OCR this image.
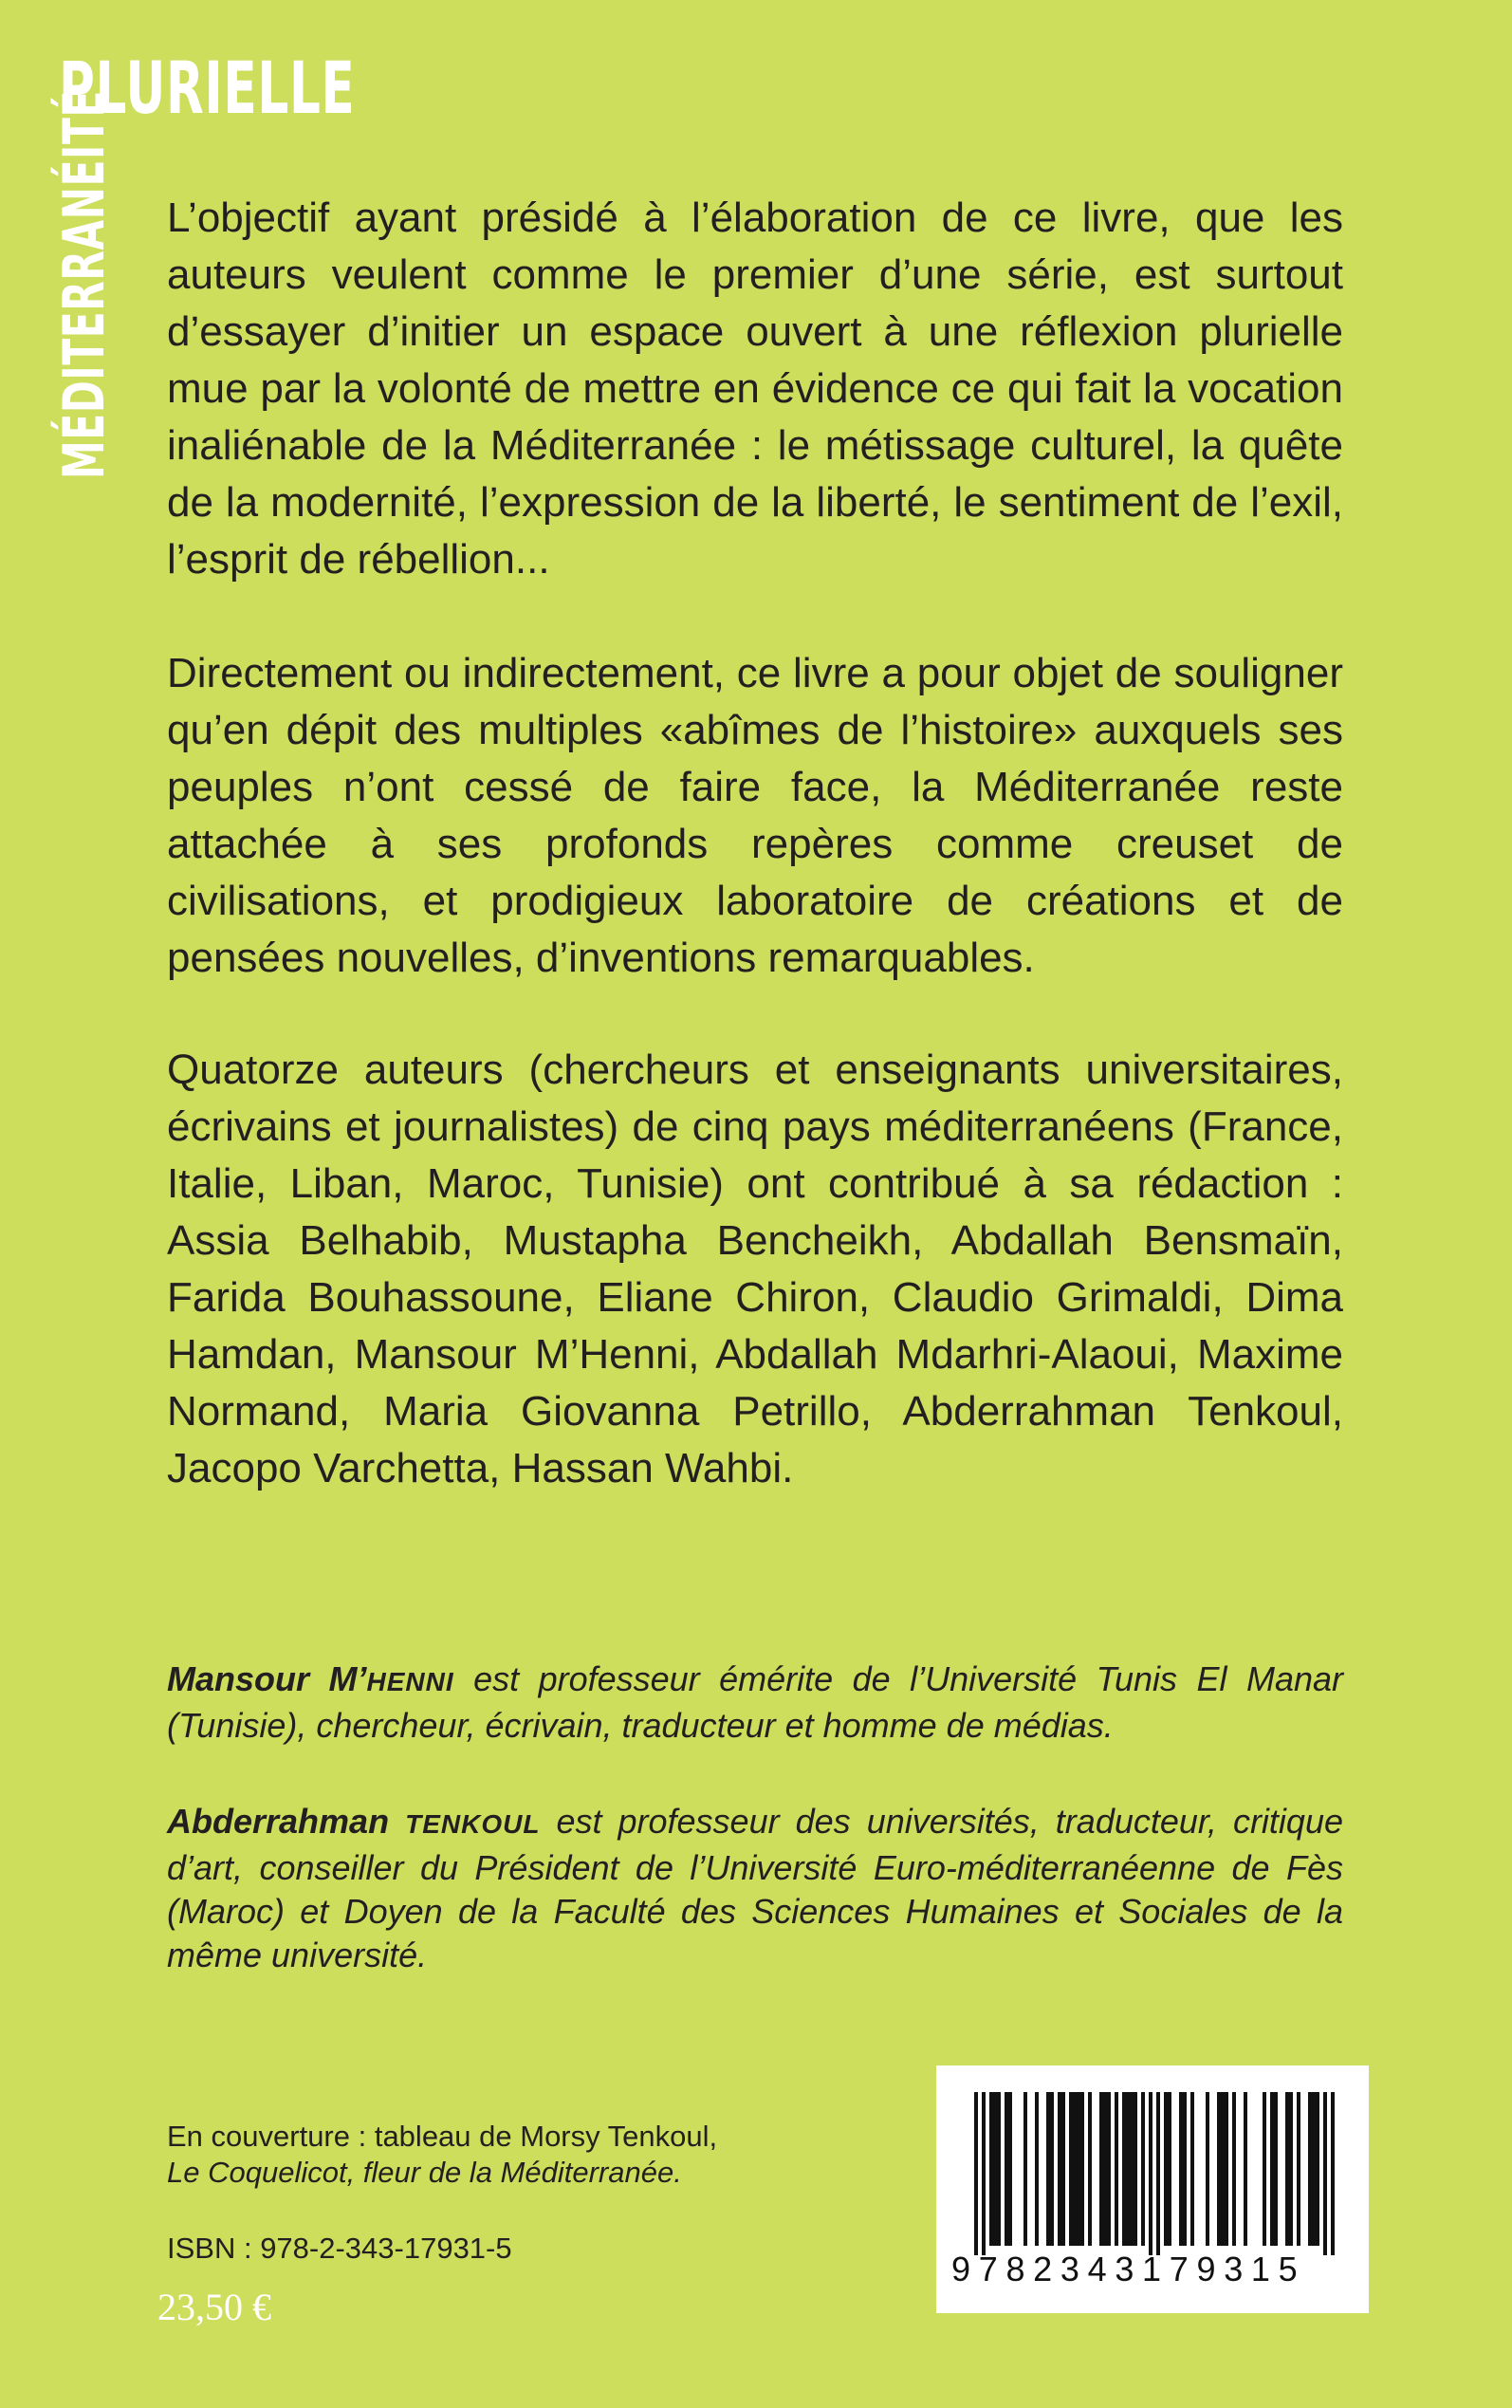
PLURIELLE
MÉDITERRANÉITÉ L’objectif ayant présidé à l’élaboration de ce livre, que les auteurs veulent comme le premier d’une série, est surtout d’essayer d’initier un espace ouvert à une réflexion plurielle mue par la volonté de mettre en évidence ce qui fait la vocation inaliénable de la Méditerranée : le métissage culturel, la quête de la modernité, l’expression de la liberté, le sentiment de l’exil, l’esprit de rébellion...

Directement ou indirectement, ce livre a pour objet de souligner qu’en dépit des multiples «abîmes de l’histoire» auxquels ses peuples n’ont cessé de faire face, la Méditerranée reste attachée à ses profonds repères comme creuset de civilisations, et prodigieux laboratoire de créations et de pensées nouvelles, d’inventions remarquables.

Quatorze auteurs (chercheurs et enseignants universitaires, écrivains et journalistes) de cinq pays méditerranéens (France, Italie, Liban, Maroc, Tunisie) ont contribué à sa rédaction : Assia Belhabib, Mustapha Bencheikh, Abdallah Bensmaïn, Farida Bouhassoune, Eliane Chiron, Claudio Grimaldi, Dima Hamdan, Mansour M’Henni, Abdallah Mdarhri-Alaoui, Maxime Normand, Maria Giovanna Petrillo, Abderrahman Tenkoul, Jacopo Varchetta, Hassan Wahbi.

Mansour M’HENNI est professeur émérite de l’Université Tunis El Manar (Tunisie), chercheur, écrivain, traducteur et homme de médias.

Abderrahman TENKOUL est professeur des universités, traducteur, critique d’art, conseiller du Président de l’Université Euro-méditerranéenne de Fès (Maroc) et Doyen de la Faculté des Sciences Humaines et Sociales de la même université.

En couverture : tableau de Morsy Tenkoul,
Le Coquelicot, fleur de la Méditerranée.
ISBN : 978-2-343-17931-5
23,50 €
9782343179315
